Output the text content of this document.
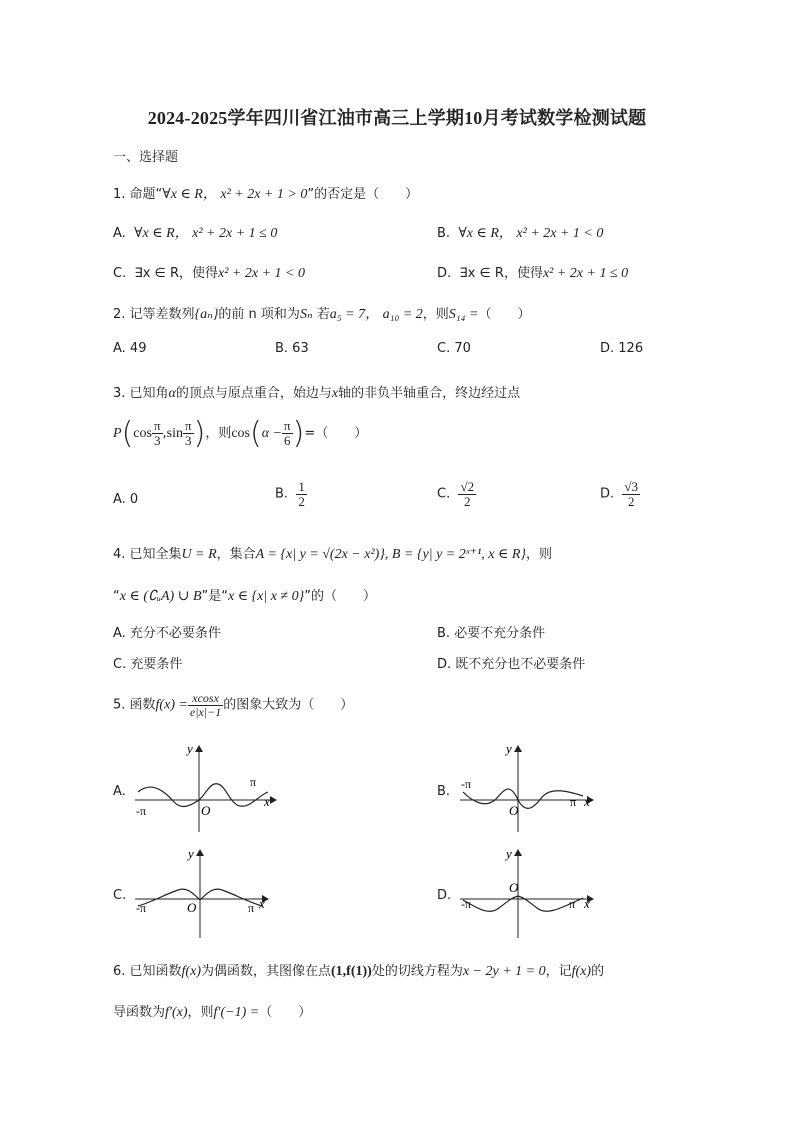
2024-2025学年四川省江油市高三上学期10月考试数学检测试题
一、选择题
1. 命题“∀x ∈ R， x² + 2x + 1 > 0”的否定是（　　）
A. ∀x ∈ R， x² + 2x + 1 ≤ 0	B. ∀x ∈ R， x² + 2x + 1 < 0
C. ∃x ∈ R，使得x² + 2x + 1 < 0	D. ∃x ∈ R，使得x² + 2x + 1 ≤ 0
2. 记等差数列{aₙ}的前 n 项和为Sₙ 若a₅ = 7， a₁₀ = 2，则S₁₄ =（　　）
A. 49	B. 63	C. 70	D. 126
3. 已知角α的顶点与原点重合，始边与x轴的非负半轴重合，终边经过点
$P(\cos \frac{\pi}{3} ,\sin \frac{\pi}{3}$ )，则$\cos(\alpha - \frac{\pi}{6}$ )=（　　）
A. 0	B. $\frac{1}{2}$	C. $\frac{√2}{2}$	D. $\frac{√3}{2}$
4. 已知全集U = R，集合A = {x| y = √(2x − x²)}, B = {y| y = 2ˣ⁺¹, x ∈ R}，则
“x ∈ (∁ᵤA) ∪ B”是“x ∈ {x| x ≠ 0}”的（　　）
A. 充分不必要条件	B. 必要不充分条件
C. 充要条件	D. 既不充分也不必要条件
5. 函数$f(x) = \frac{xcosx}{e|x|-1}$ 的图象大致为（　　）
A.	B.
C.	D.
y
x
O
π
-π
y
x
O
π
-π
y
x
O	π
-π
y
x
O
π
-π
6. 已知函数f(x)为偶函数，其图像在点(1,f(1))处的切线方程为x − 2y + 1 = 0，记f(x)的
导函数为f′(x)，则f′(−1) =（　　）
